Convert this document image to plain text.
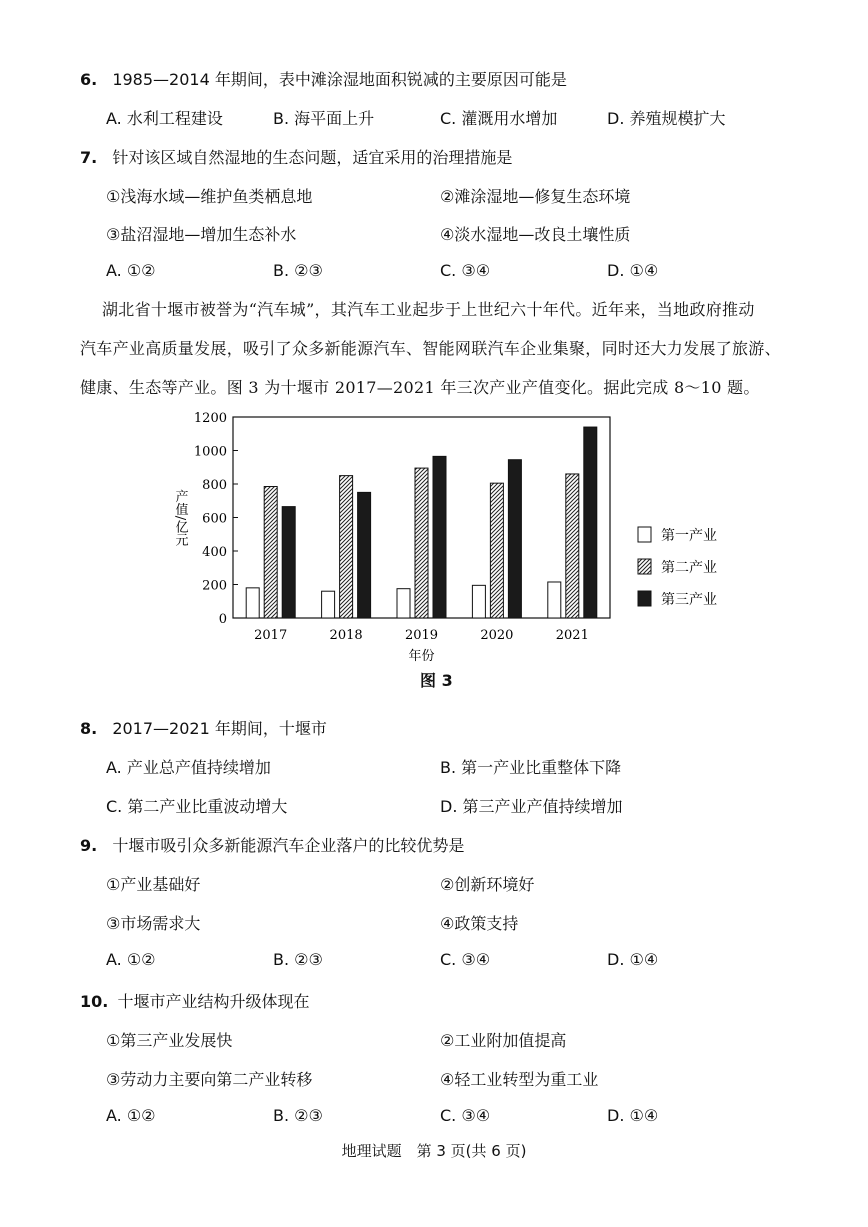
6. 1985—2014 年期间，表中滩涂湿地面积锐减的主要原因可能是
A. 水利工程建设	B. 海平面上升	C. 灌溉用水增加	D. 养殖规模扩大
7. 针对该区域自然湿地的生态问题，适宜采用的治理措施是
①浅海水域—维护鱼类栖息地	②滩涂湿地—修复生态环境
③盐沼湿地—增加生态补水	④淡水湿地—改良土壤性质
A. ①②	B. ②③	C. ③④	D. ①④
湖北省十堰市被誉为“汽车城”，其汽车工业起步于上世纪六十年代。近年来，当地政府推动
汽车产业高质量发展，吸引了众多新能源汽车、智能网联汽车企业集聚，同时还大力发展了旅游、
健康、生态等产业。图 3 为十堰市 2017—2021 年三次产业产值变化。据此完成 8～10 题。
0
200
400
600
800
1000
1200
产值/亿元
2017	2018	2019	2020	2021
年份
第一产业
第二产业
第三产业
图 3
8. 2017—2021 年期间，十堰市
A. 产业总产值持续增加	B. 第一产业比重整体下降
C. 第二产业比重波动增大	D. 第三产业产值持续增加
9. 十堰市吸引众多新能源汽车企业落户的比较优势是
①产业基础好	②创新环境好
③市场需求大	④政策支持
A. ①②	B. ②③	C. ③④	D. ①④
10. 十堰市产业结构升级体现在
①第三产业发展快	②工业附加值提高
③劳动力主要向第二产业转移	④轻工业转型为重工业
A. ①②	B. ②③	C. ③④	D. ①④
地理试题　第 3 页(共 6 页)
